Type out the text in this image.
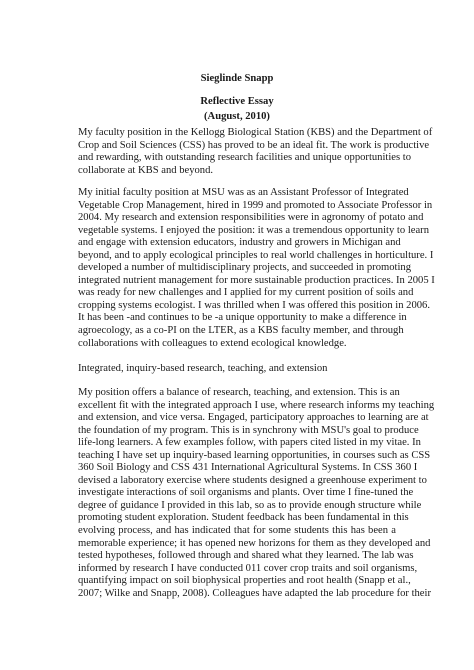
Sieglinde Snapp
Reflective Essay
(August, 2010)
My faculty position in the Kellogg Biological Station (KBS) and the Department of
Crop and Soil Sciences (CSS) has proved to be an ideal fit. The work is productive
and rewarding, with outstanding research facilities and unique opportunities to
collaborate at KBS and beyond.
My initial faculty position at MSU was as an Assistant Professor of Integrated
Vegetable Crop Management, hired in 1999 and promoted to Associate Professor in
2004. My research and extension responsibilities were in agronomy of potato and
vegetable systems. I enjoyed the position: it was a tremendous opportunity to learn
and engage with extension educators, industry and growers in Michigan and
beyond, and to apply ecological principles to real world challenges in horticulture. I
developed a number of multidisciplinary projects, and succeeded in promoting
integrated nutrient management for more sustainable production practices. In 2005 I
was ready for new challenges and I applied for my current position of soils and
cropping systems ecologist. I was thrilled when I was offered this position in 2006.
It has been -and continues to be -a unique opportunity to make a difference in
agroecology, as a co-PI on the LTER, as a KBS faculty member, and through
collaborations with colleagues to extend ecological knowledge.
Integrated, inquiry-based research, teaching, and extension
My position offers a balance of research, teaching, and extension. This is an
excellent fit with the integrated approach I use, where research informs my teaching
and extension, and vice versa. Engaged, participatory approaches to learning are at
the foundation of my program. This is in synchrony with MSU's goal to produce
life-long learners. A few examples follow, with papers cited listed in my vitae. In
teaching I have set up inquiry-based learning opportunities, in courses such as CSS
360 Soil Biology and CSS 431 International Agricultural Systems. In CSS 360 I
devised a laboratory exercise where students designed a greenhouse experiment to
investigate interactions of soil organisms and plants. Over time I fine-tuned the
degree of guidance I provided in this lab, so as to provide enough structure while
promoting student exploration. Student feedback has been fundamental in this
evolving process, and has indicated that for some students this has been a
memorable experience; it has opened new horizons for them as they developed and
tested hypotheses, followed through and shared what they learned. The lab was
informed by research I have conducted 011 cover crop traits and soil organisms,
quantifying impact on soil biophysical properties and root health (Snapp et al.,
2007; Wilke and Snapp, 2008). Colleagues have adapted the lab procedure for their
